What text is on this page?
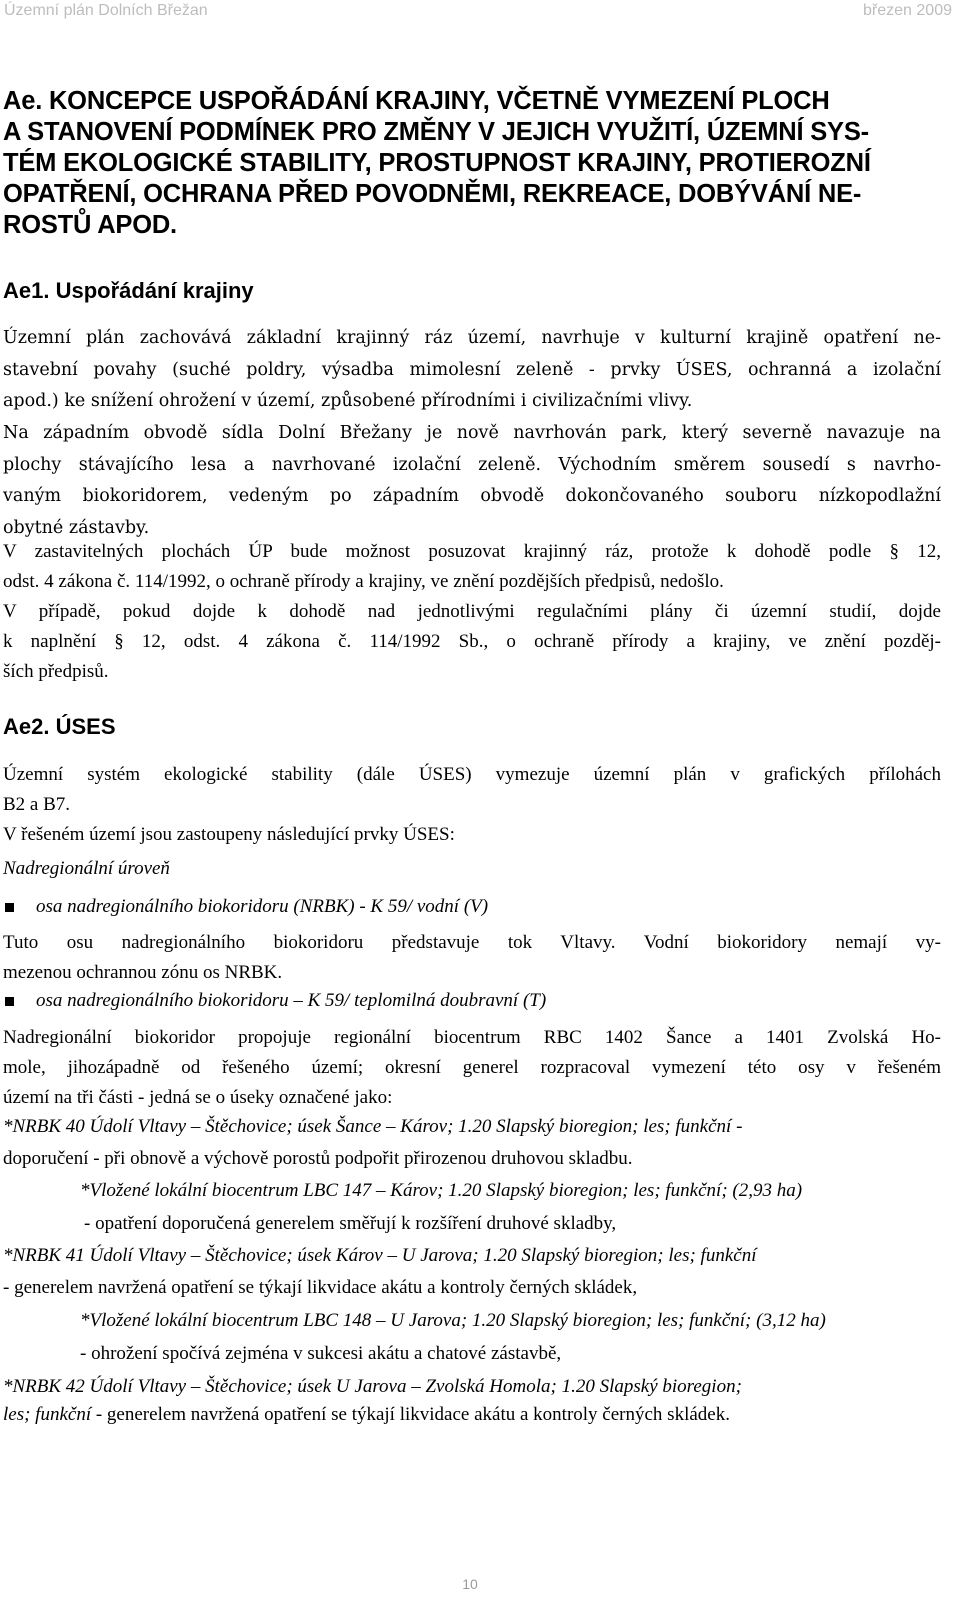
Územní plán Dolních Břežan	březen 2009
Ae. KONCEPCE USPOŘÁDÁNÍ KRAJINY, VČETNĚ VYMEZENÍ PLOCH
A STANOVENÍ PODMÍNEK PRO ZMĚNY V JEJICH VYUŽITÍ, ÚZEMNÍ SYS-
TÉM EKOLOGICKÉ STABILITY, PROSTUPNOST KRAJINY, PROTIEROZNÍ
OPATŘENÍ, OCHRANA PŘED POVODNĚMI, REKREACE, DOBÝVÁNÍ NE-
ROSTŮ APOD.
Ae1. Uspořádání krajiny
Územní plán zachovává základní krajinný ráz území, navrhuje v kulturní krajině opatření ne-
stavební povahy (suché poldry, výsadba mimolesní zeleně - prvky ÚSES, ochranná a izolační
apod.) ke snížení ohrožení v území, způsobené přírodními i civilizačními vlivy.
Na západním obvodě sídla Dolní Břežany je nově navrhován park, který severně navazuje na
plochy stávajícího lesa a navrhované izolační zeleně. Východním směrem sousedí s navrho-
vaným biokoridorem, vedeným po západním obvodě dokončovaného souboru nízkopodlažní
obytné zástavby.
V zastavitelných plochách ÚP bude možnost posuzovat krajinný ráz, protože k dohodě podle § 12,
odst. 4 zákona č. 114/1992, o ochraně přírody a krajiny, ve znění pozdějších předpisů, nedošlo.
V případě, pokud dojde k dohodě nad jednotlivými regulačními plány či územní studií, dojde
k naplnění § 12, odst. 4 zákona č. 114/1992 Sb., o ochraně přírody a krajiny, ve znění pozděj-
ších předpisů.
Ae2. ÚSES
Územní systém ekologické stability (dále ÚSES) vymezuje územní plán v grafických přílohách
B2 a B7.
V řešeném území jsou zastoupeny následující prvky ÚSES:
Nadregionální úroveň
osa nadregionálního biokoridoru (NRBK) - K 59/ vodní (V)
Tuto osu nadregionálního biokoridoru představuje tok Vltavy. Vodní biokoridory nemají vy-
mezenou ochrannou zónu os NRBK.
osa nadregionálního biokoridoru – K 59/ teplomilná doubravní (T)
Nadregionální biokoridor propojuje regionální biocentrum RBC 1402 Šance a 1401 Zvolská Ho-
mole, jihozápadně od řešeného území; okresní generel rozpracoval vymezení této osy v řešeném
území na tři části - jedná se o úseky označené jako:
*NRBK 40 Údolí Vltavy – Štěchovice; úsek Šance – Károv; 1.20 Slapský bioregion; les; funkční -
doporučení - při obnově a výchově porostů podpořit přirozenou druhovou skladbu.
*Vložené lokální biocentrum LBC 147 – Károv; 1.20 Slapský bioregion; les; funkční; (2,93 ha)
- opatření doporučená generelem směřují k rozšíření druhové skladby,
*NRBK 41 Údolí Vltavy – Štěchovice; úsek Károv – U Jarova; 1.20 Slapský bioregion; les; funkční
- generelem navržená opatření se týkají likvidace akátu a kontroly černých skládek,
*Vložené lokální biocentrum LBC 148 – U Jarova; 1.20 Slapský bioregion; les; funkční; (3,12 ha)
- ohrožení spočívá zejména v sukcesi akátu a chatové zástavbě,
*NRBK 42 Údolí Vltavy – Štěchovice; úsek U Jarova – Zvolská Homola; 1.20 Slapský bioregion;
les; funkční - generelem navržená opatření se týkají likvidace akátu a kontroly černých skládek.
10
